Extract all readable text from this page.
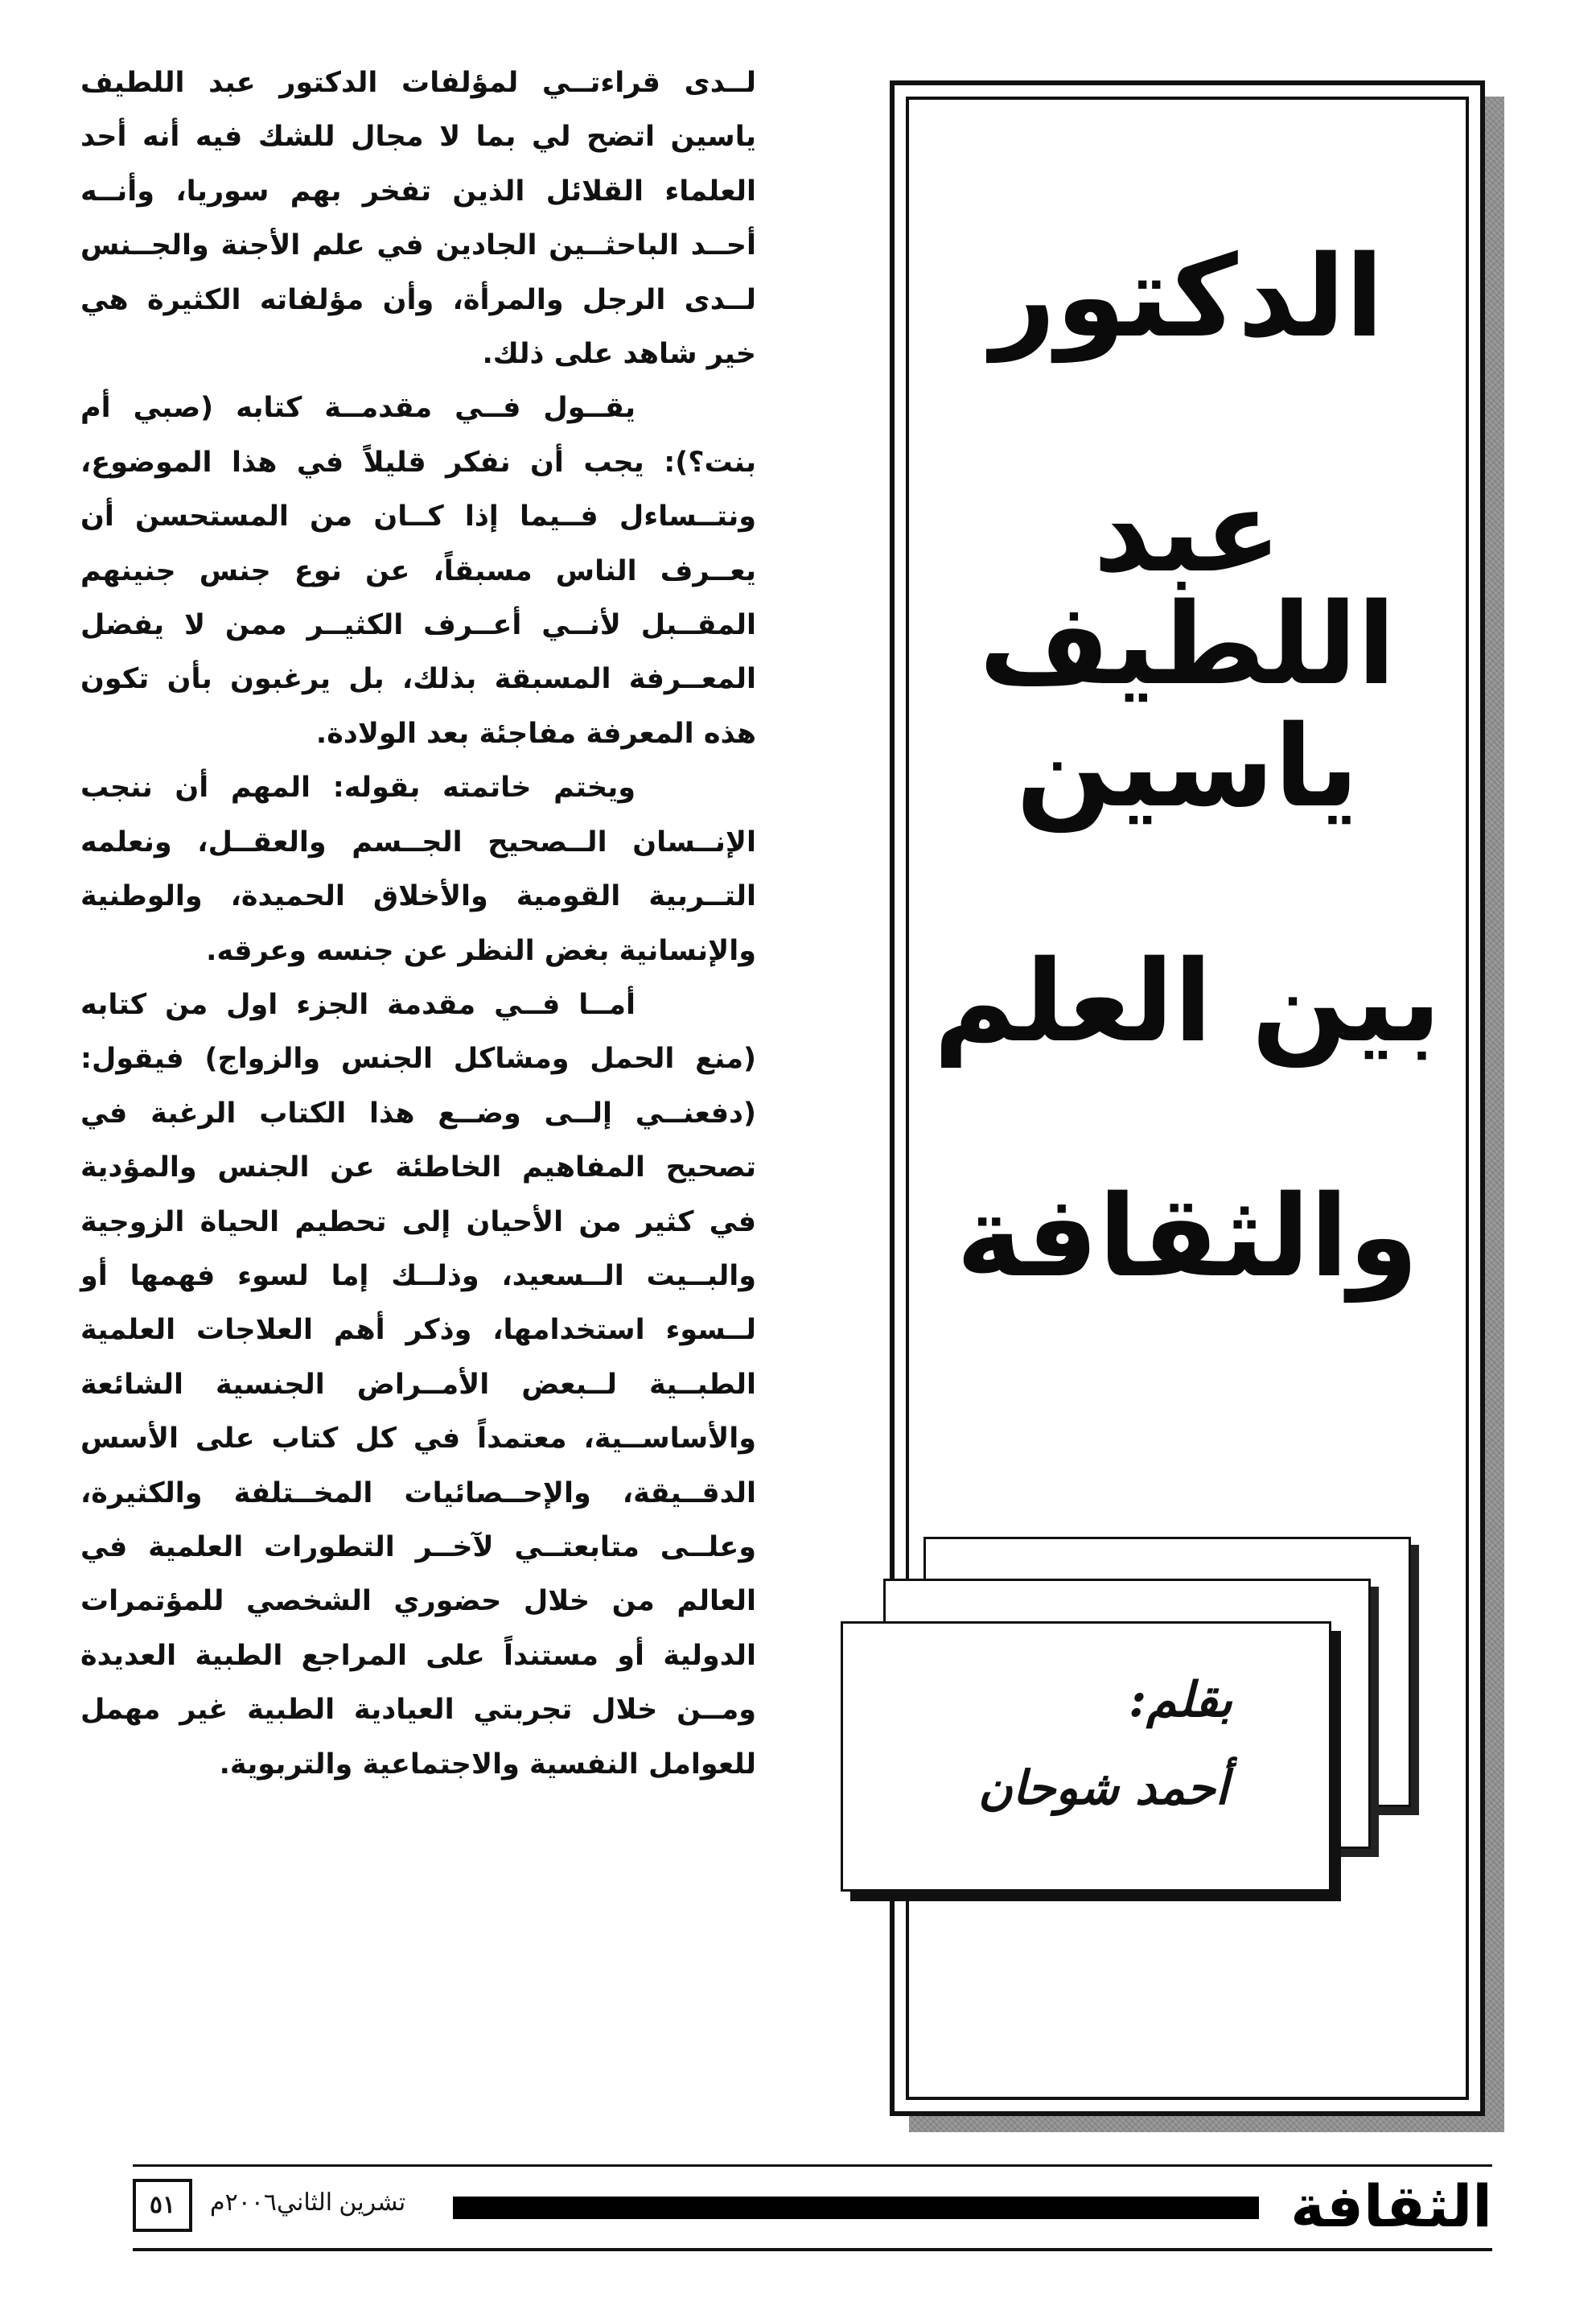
لــدى قراءتــي لمؤلفات الدكتور عبد اللطيف ياسين اتضح لي بما لا مجال للشك فيه أنه أحد العلماء القلائل الذين تفخر بهم سوريا، وأنــه أحــد الباحثــين الجادين في علم الأجنة والجــنس لــدى الرجل والمرأة، وأن مؤلفاته الكثيرة هي خير شاهد على ذلك.

يقــول فــي مقدمــة كتابه (صبي أم بنت؟): يجب أن نفكر قليلاً في هذا الموضوع، ونتــساءل فــيما إذا كــان من المستحسن أن يعــرف الناس مسبقاً، عن نوع جنس جنينهم المقــبل لأنــي أعــرف الكثيــر ممن لا يفضل المعــرفة المسبقة بذلك، بل يرغبون بأن تكون هذه المعرفة مفاجئة بعد الولادة.

ويختم خاتمته بقوله: المهم أن ننجب الإنــسان الــصحيح الجــسم والعقــل، ونعلمه التــربية القومية والأخلاق الحميدة، والوطنية والإنسانية بغض النظر عن جنسه وعرقه.

أمــا فــي مقدمة الجزء اول من كتابه (منع الحمل ومشاكل الجنس والزواج) فيقول: (دفعنــي إلــى وضــع هذا الكتاب الرغبة في تصحيح المفاهيم الخاطئة عن الجنس والمؤدية في كثير من الأحيان إلى تحطيم الحياة الزوجية والبــيت الــسعيد، وذلــك إما لسوء فهمها أو لــسوء استخدامها، وذكر أهم العلاجات العلمية الطبــية لــبعض الأمــراض الجنسية الشائعة والأساســية، معتمداً في كل كتاب على الأسس الدقــيقة، والإحــصائيات المخــتلفة والكثيرة، وعلــى متابعتــي لآخــر التطورات العلمية في العالم من خلال حضوري الشخصي للمؤتمرات الدولية أو مستنداً على المراجع الطبية العديدة ومــن خلال تجربتي العيادية الطبية غير مهمل للعوامل النفسية والاجتماعية والتربوية.

الدكتور
عبد اللطيف
ياسين
بين العلم
والثقافة
بقلم:
أحمد شوحان
الثقافة
تشرين الثاني٢٠٠٦م
٥١
